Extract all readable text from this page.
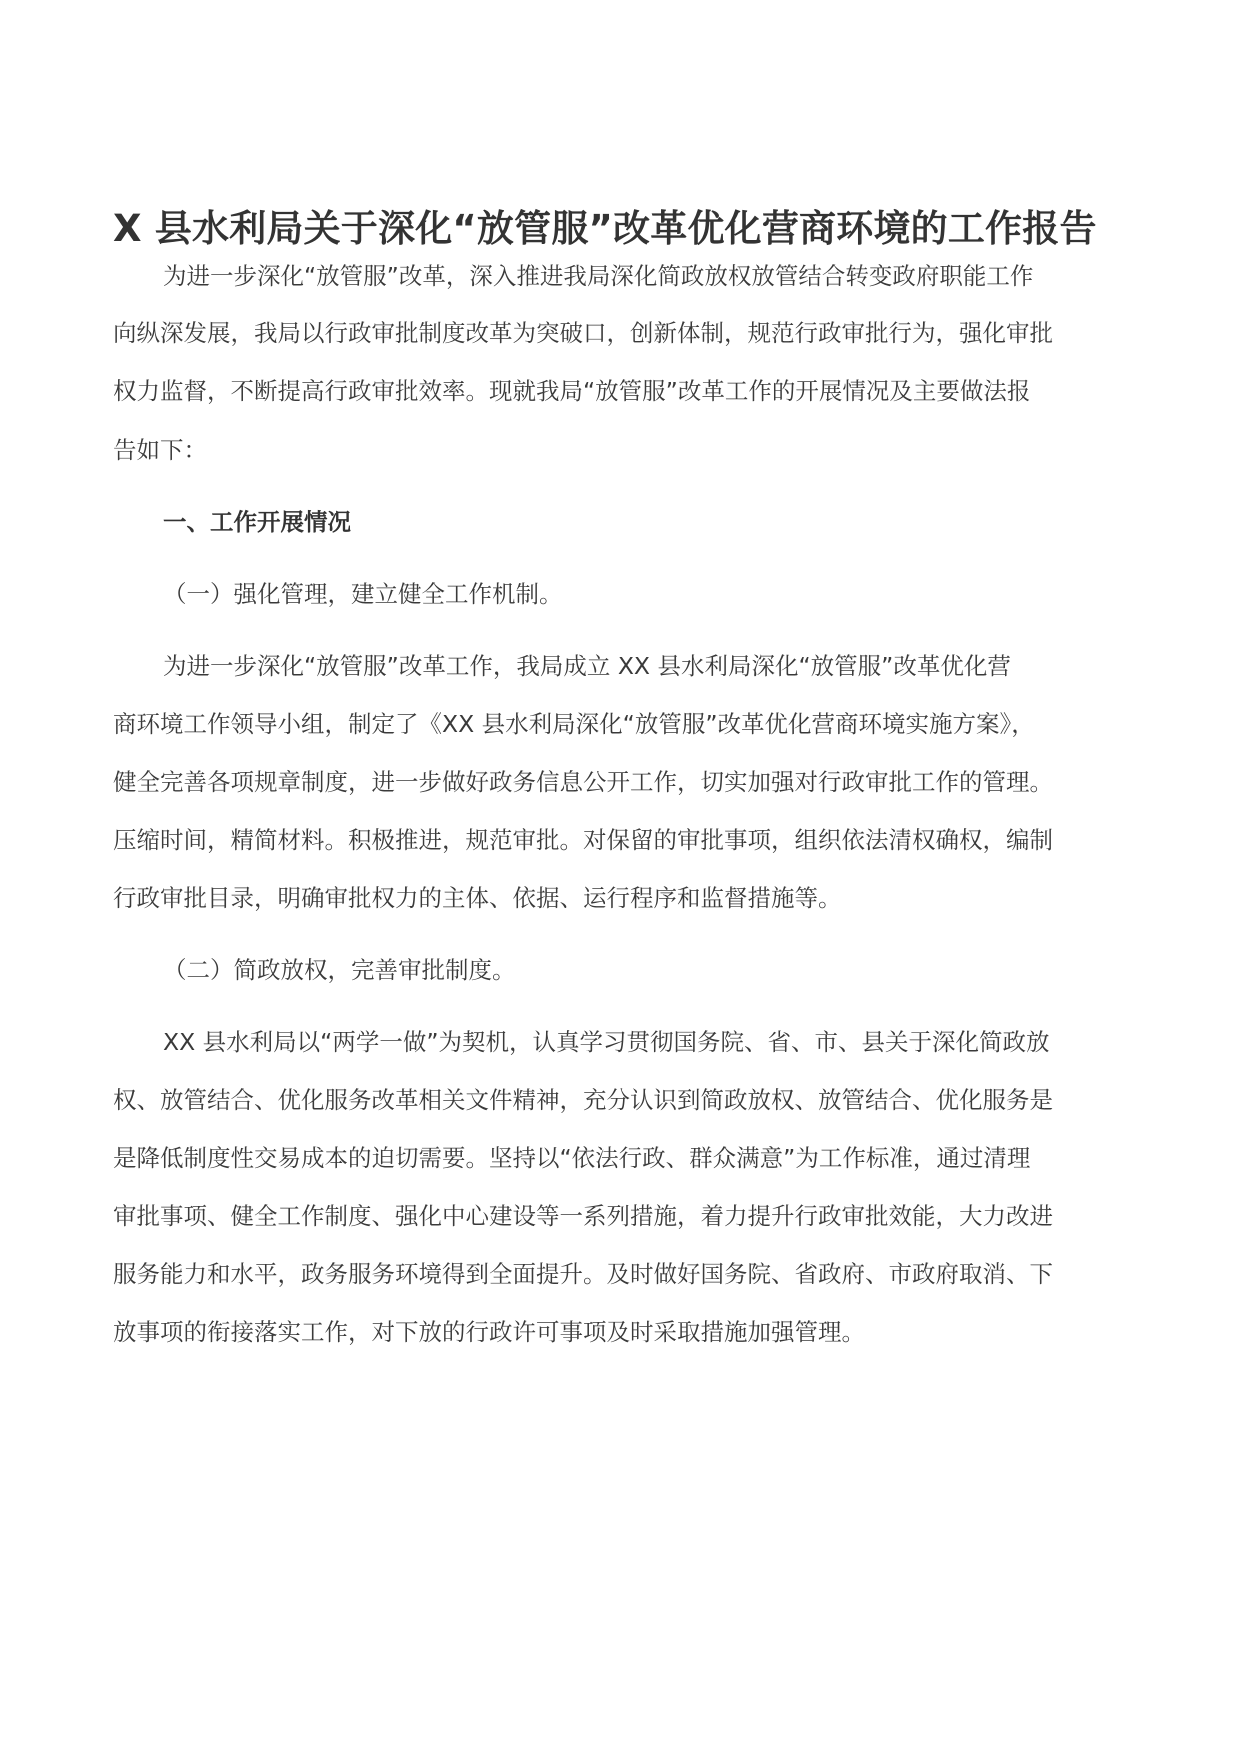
X 县水利局关于深化“放管服”改革优化营商环境的工作报告

为进一步深化“放管服”改革，深入推进我局深化简政放权放管结合转变政府职能工作

向纵深发展，我局以行政审批制度改革为突破口，创新体制，规范行政审批行为，强化审批

权力监督，不断提高行政审批效率。现就我局“放管服”改革工作的开展情况及主要做法报

告如下：

一、工作开展情况

（一）强化管理，建立健全工作机制。

为进一步深化“放管服”改革工作，我局成立 XX 县水利局深化“放管服”改革优化营

商环境工作领导小组，制定了《XX 县水利局深化“放管服”改革优化营商环境实施方案》，

健全完善各项规章制度，进一步做好政务信息公开工作，切实加强对行政审批工作的管理。

压缩时间，精简材料。积极推进，规范审批。对保留的审批事项，组织依法清权确权，编制

行政审批目录，明确审批权力的主体、依据、运行程序和监督措施等。

（二）简政放权，完善审批制度。

XX 县水利局以“两学一做”为契机，认真学习贯彻国务院、省、市、县关于深化简政放

权、放管结合、优化服务改革相关文件精神，充分认识到简政放权、放管结合、优化服务是

是降低制度性交易成本的迫切需要。坚持以“依法行政、群众满意”为工作标准，通过清理

审批事项、健全工作制度、强化中心建设等一系列措施，着力提升行政审批效能，大力改进

服务能力和水平，政务服务环境得到全面提升。及时做好国务院、省政府、市政府取消、下

放事项的衔接落实工作，对下放的行政许可事项及时采取措施加强管理。
